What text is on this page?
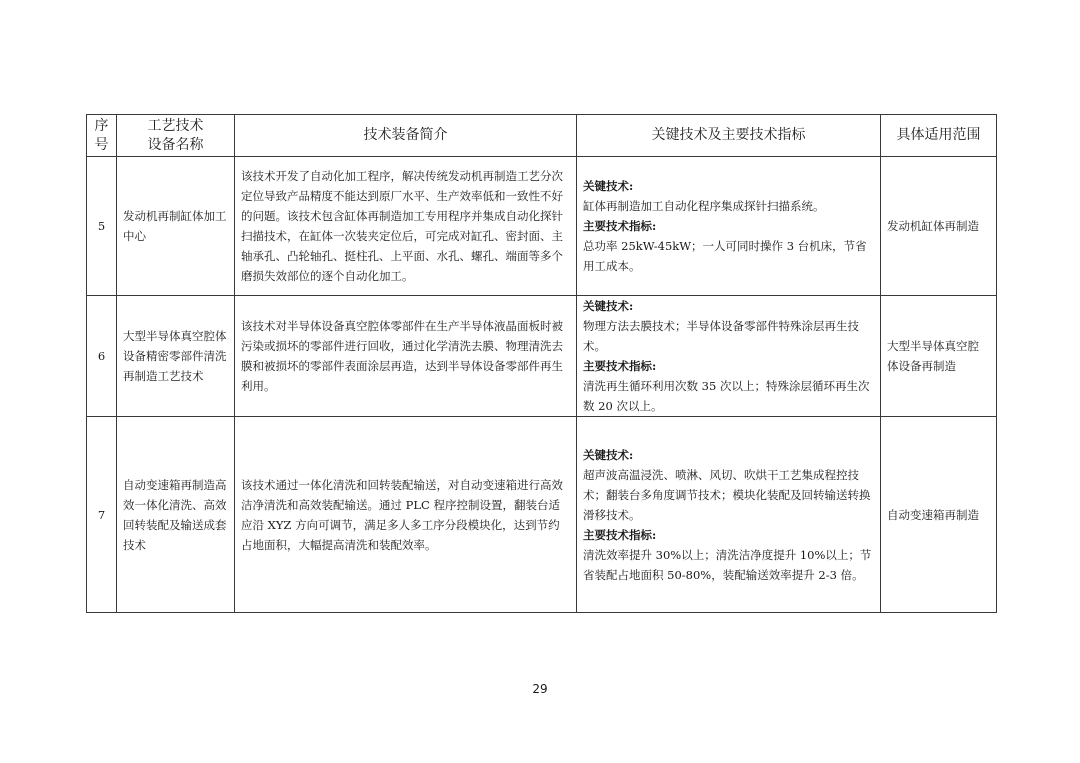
序号	工艺技术设备名称	技术装备简介	关键技术及主要技术指标	具体适用范围
5	发动机再制缸体加工中心	该技术开发了自动化加工程序，解决传统发动机再制造工艺分次定位导致产品精度不能达到原厂水平、生产效率低和一致性不好的问题。该技术包含缸体再制造加工专用程序并集成自动化探针扫描技术，在缸体一次装夹定位后，可完成对缸孔、密封面、主轴承孔、凸轮轴孔、挺柱孔、上平面、水孔、螺孔、端面等多个磨损失效部位的逐个自动化加工。	关键技术:
缸体再制造加工自动化程序集成探针扫描系统。
主要技术指标:
总功率 25kW-45kW；一人可同时操作 3 台机床，节省用工成本。	发动机缸体再制造
6	大型半导体真空腔体设备精密零部件清洗再制造工艺技术	该技术对半导体设备真空腔体零部件在生产半导体液晶面板时被污染或损坏的零部件进行回收，通过化学清洗去膜、物理清洗去膜和被损坏的零部件表面涂层再造，达到半导体设备零部件再生利用。	关键技术:
物理方法去膜技术；半导体设备零部件特殊涂层再生技术。
主要技术指标:
清洗再生循环利用次数 35 次以上；特殊涂层循环再生次数 20 次以上。	大型半导体真空腔体设备再制造
7	自动变速箱再制造高效一体化清洗、高效回转装配及输送成套技术	该技术通过一体化清洗和回转装配输送，对自动变速箱进行高效洁净清洗和高效装配输送。通过 PLC 程序控制设置，翻装台适应沿 XYZ 方向可调节，满足多人多工序分段模块化，达到节约占地面积，大幅提高清洗和装配效率。	关键技术:
超声波高温浸洗、喷淋、风切、吹烘干工艺集成程控技术；翻装台多角度调节技术；模块化装配及回转输送转换滑移技术。
主要技术指标:
清洗效率提升 30%以上；清洗洁净度提升 10%以上；节省装配占地面积 50-80%，装配输送效率提升 2-3 倍。	自动变速箱再制造
29
